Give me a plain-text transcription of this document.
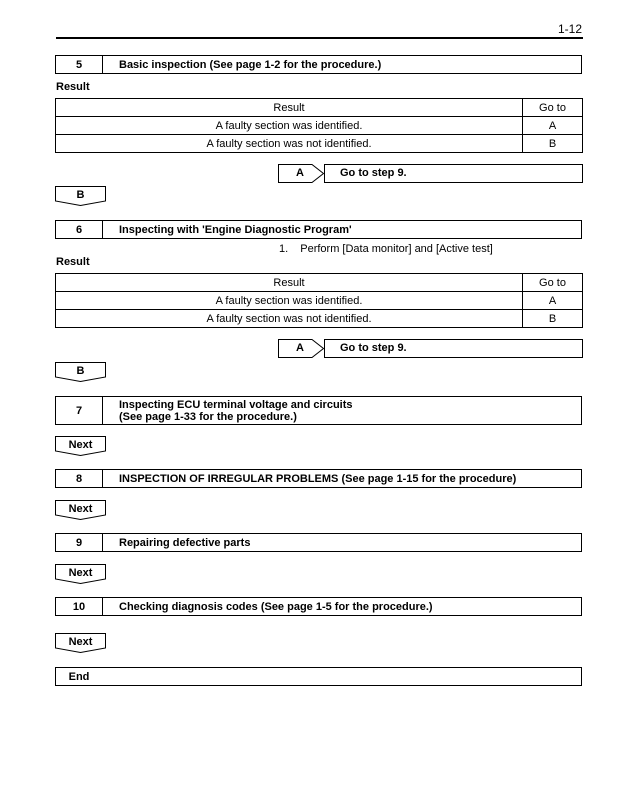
1-12
5	Basic inspection (See page 1-2 for the procedure.)
Result
Result	Go to
A faulty section was identified.	A
A faulty section was not identified.	B
A	Go to step 9.
B
6	Inspecting with 'Engine Diagnostic Program'
1. Perform [Data monitor] and [Active test]
Result
Result	Go to
A faulty section was identified.	A
A faulty section was not identified.	B
A	Go to step 9.
B
7	Inspecting ECU terminal voltage and circuits
(See page 1-33 for the procedure.)
Next
8	INSPECTION OF IRREGULAR PROBLEMS (See page 1-15 for the procedure)
Next
9	Repairing defective parts
Next
10	Checking diagnosis codes (See page 1-5 for the procedure.)
Next
End
